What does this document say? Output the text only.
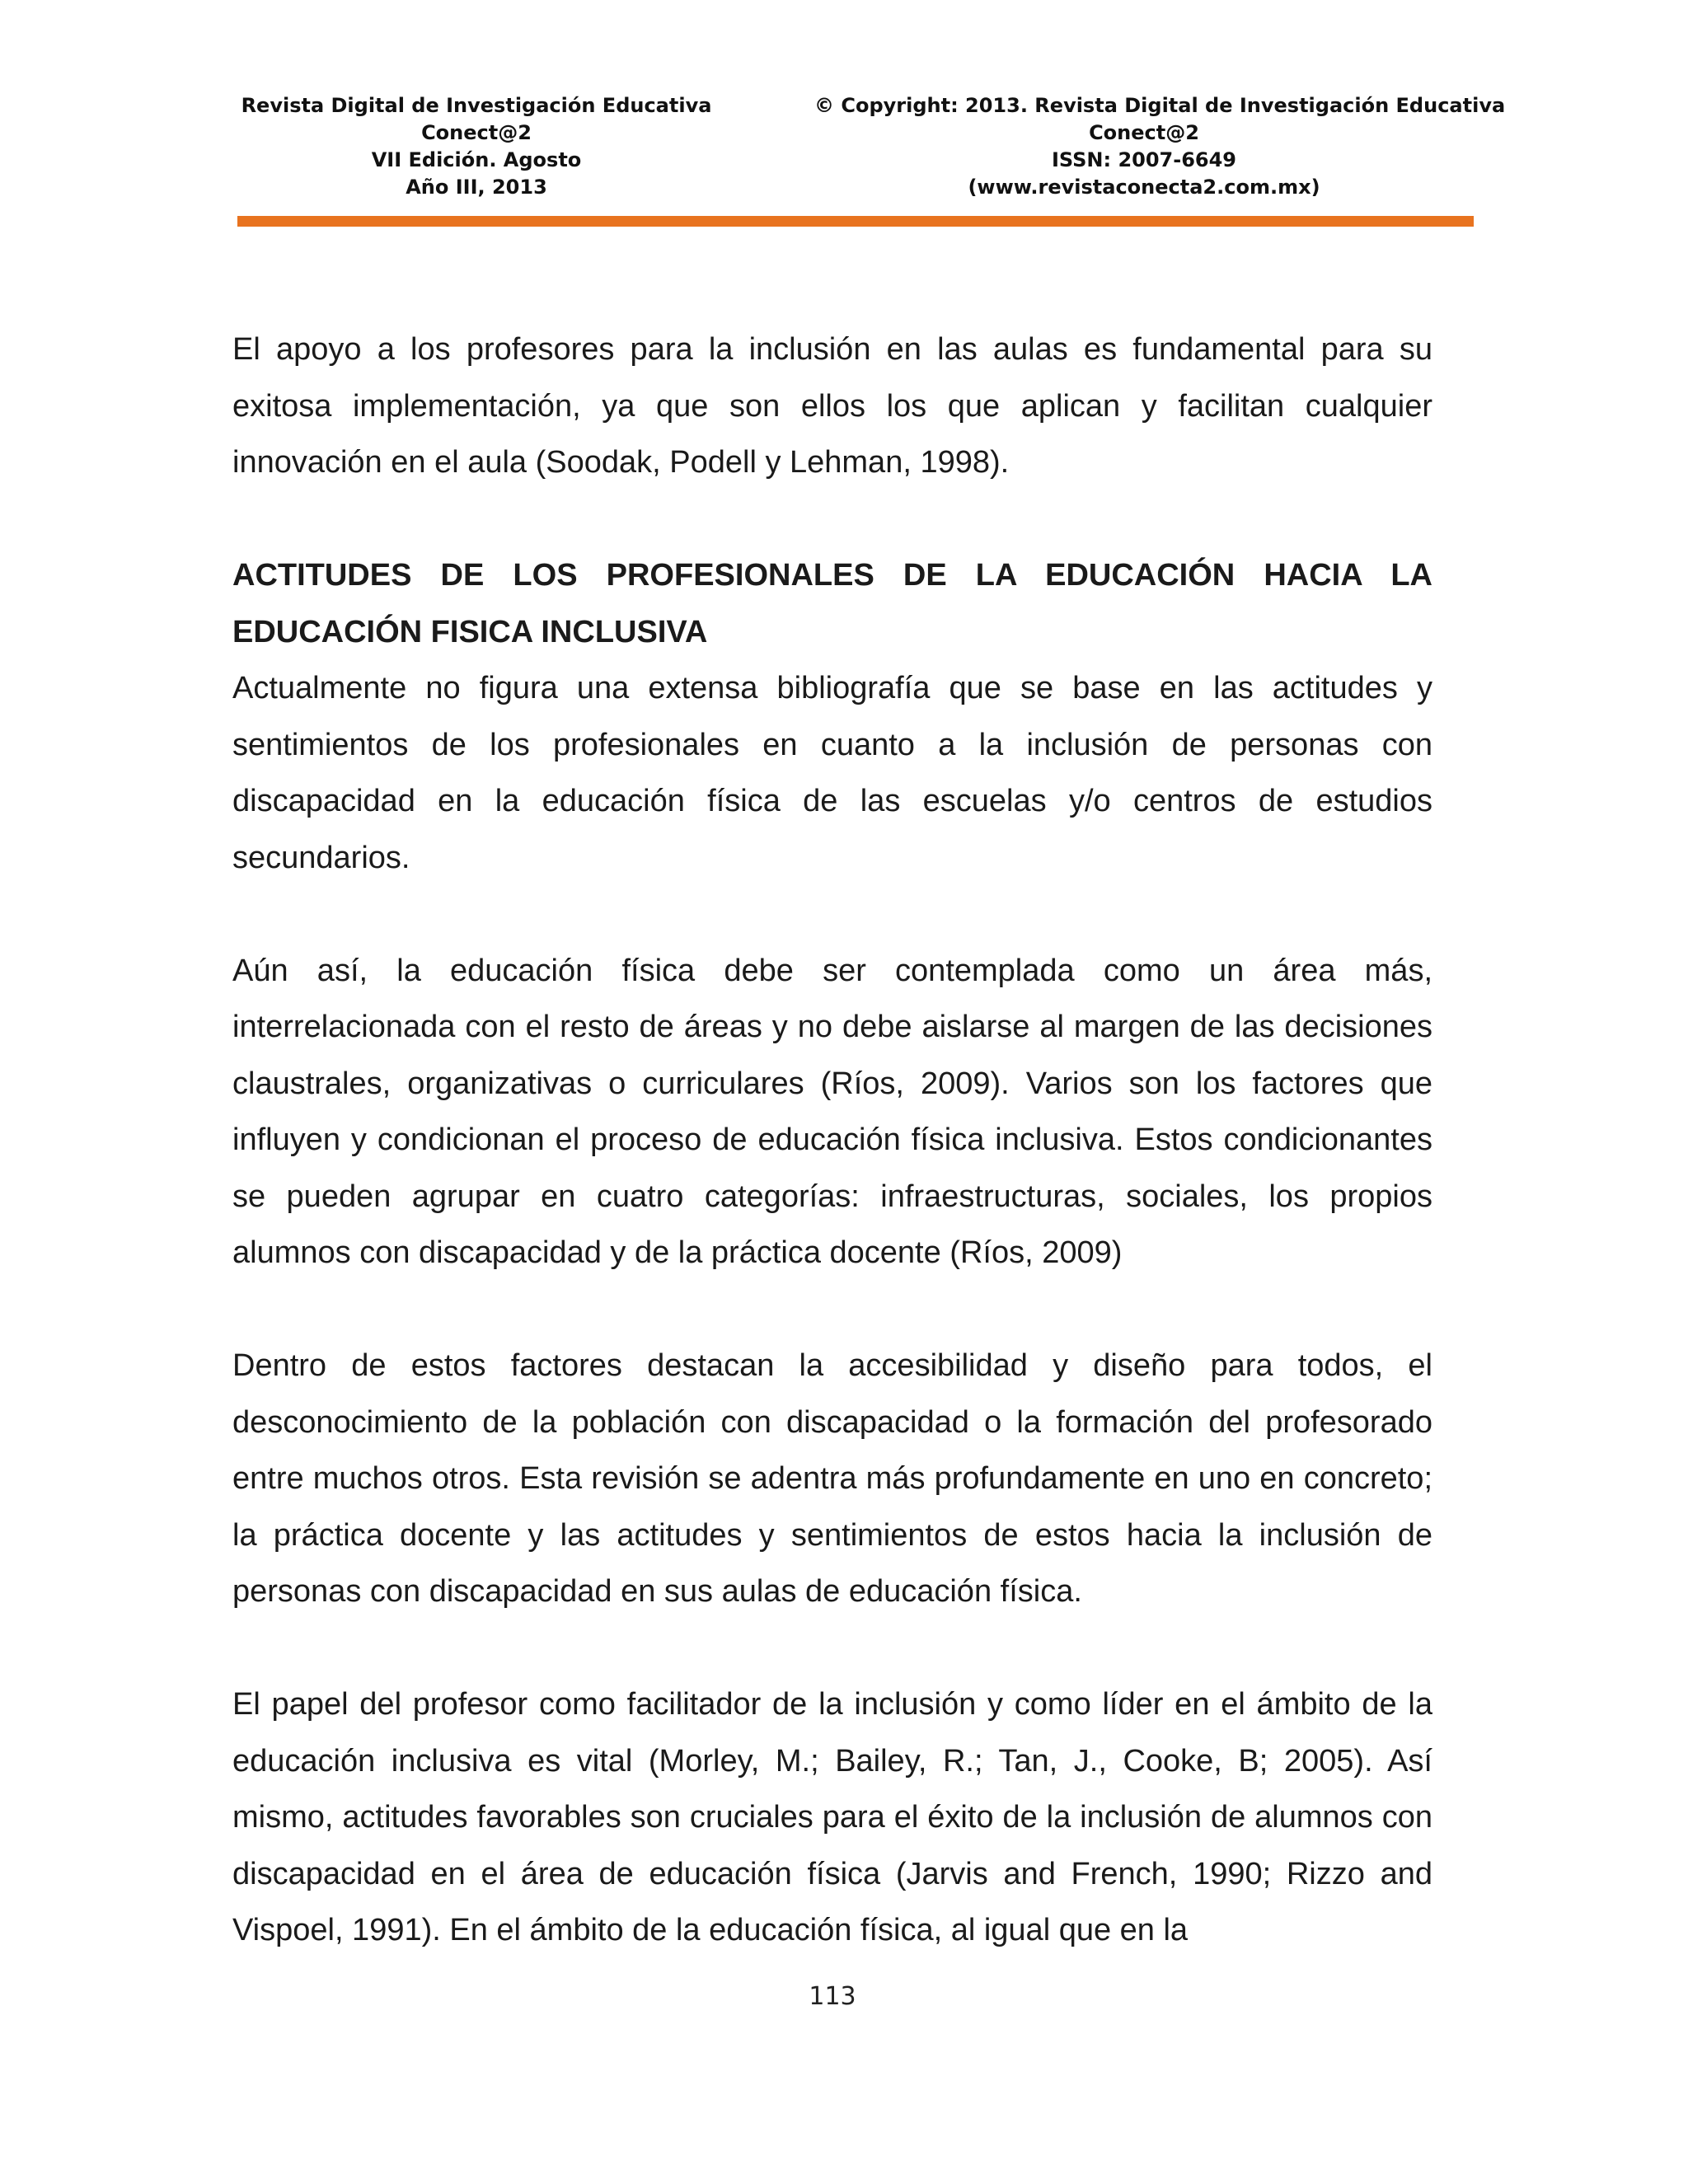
Revista Digital de Investigación Educativa
Conect@2
VII Edición. Agosto
Año III, 2013
© Copyright: 2013. Revista Digital de Investigación Educativa
Conect@2
ISSN: 2007-6649
(www.revistaconecta2.com.mx)

El apoyo a los profesores para la inclusión en las aulas es fundamental para su exitosa implementación, ya que son ellos los que aplican y facilitan cualquier innovación en el aula (Soodak, Podell y Lehman, 1998).

ACTITUDES DE LOS PROFESIONALES DE LA EDUCACIÓN HACIA LA EDUCACIÓN FISICA INCLUSIVA

Actualmente no figura una extensa bibliografía que se base en las actitudes y sentimientos de los profesionales en cuanto a la inclusión de personas con discapacidad en la educación física de las escuelas y/o centros de estudios secundarios.

Aún así, la educación física debe ser contemplada como un área más, interrelacionada con el resto de áreas y no debe aislarse al margen de las decisiones claustrales, organizativas o curriculares (Ríos, 2009). Varios son los factores que influyen y condicionan el proceso de educación física inclusiva. Estos condicionantes se pueden agrupar en cuatro categorías: infraestructuras, sociales, los propios alumnos con discapacidad y de la práctica docente (Ríos, 2009)

Dentro de estos factores destacan la accesibilidad y diseño para todos, el desconocimiento de la población con discapacidad o la formación del profesorado entre muchos otros. Esta revisión se adentra más profundamente en uno en concreto; la práctica docente y las actitudes y sentimientos de estos hacia la inclusión de personas con discapacidad en sus aulas de educación física.

El papel del profesor como facilitador de la inclusión y como líder en el ámbito de la educación inclusiva es vital (Morley, M.; Bailey, R.; Tan, J., Cooke, B; 2005). Así mismo, actitudes favorables son cruciales para el éxito de la inclusión de alumnos con discapacidad en el área de educación física (Jarvis and French, 1990; Rizzo and Vispoel, 1991). En el ámbito de la educación física, al igual que en la

113
